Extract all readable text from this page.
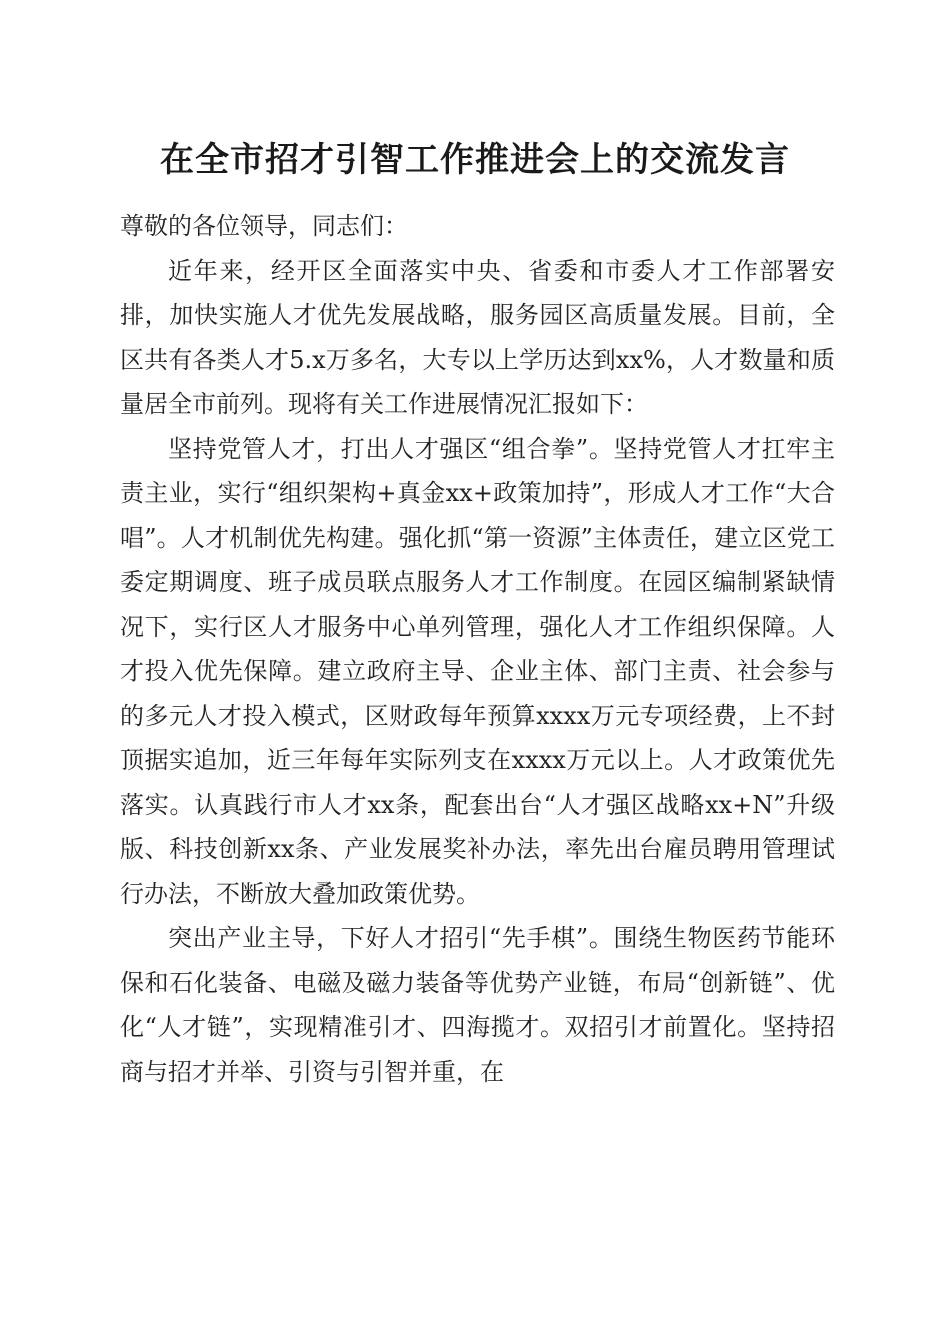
在全市招才引智工作推进会上的交流发言

尊敬的各位领导，同志们：

近年来，经开区全面落实中央、省委和市委人才工作部署安排，加快实施人才优先发展战略，服务园区高质量发展。目前，全区共有各类人才5.x万多名，大专以上学历达到xx%，人才数量和质量居全市前列。现将有关工作进展情况汇报如下：

坚持党管人才，打出人才强区“组合拳”。坚持党管人才扛牢主责主业，实行“组织架构+真金xx+政策加持”，形成人才工作“大合唱”。人才机制优先构建。强化抓“第一资源”主体责任，建立区党工委定期调度、班子成员联点服务人才工作制度。在园区编制紧缺情况下，实行区人才服务中心单列管理，强化人才工作组织保障。人才投入优先保障。建立政府主导、企业主体、部门主责、社会参与的多元人才投入模式，区财政每年预算xxxx万元专项经费，上不封顶据实追加，近三年每年实际列支在xxxx万元以上。人才政策优先落实。认真践行市人才xx条，配套出台“人才强区战略xx+N”升级版、科技创新xx条、产业发展奖补办法，率先出台雇员聘用管理试行办法，不断放大叠加政策优势。

突出产业主导，下好人才招引“先手棋”。围绕生物医药节能环保和石化装备、电磁及磁力装备等优势产业链，布局“创新链”、优化“人才链”，实现精准引才、四海揽才。双招引才前置化。坚持招商与招才并举、引资与引智并重，在
